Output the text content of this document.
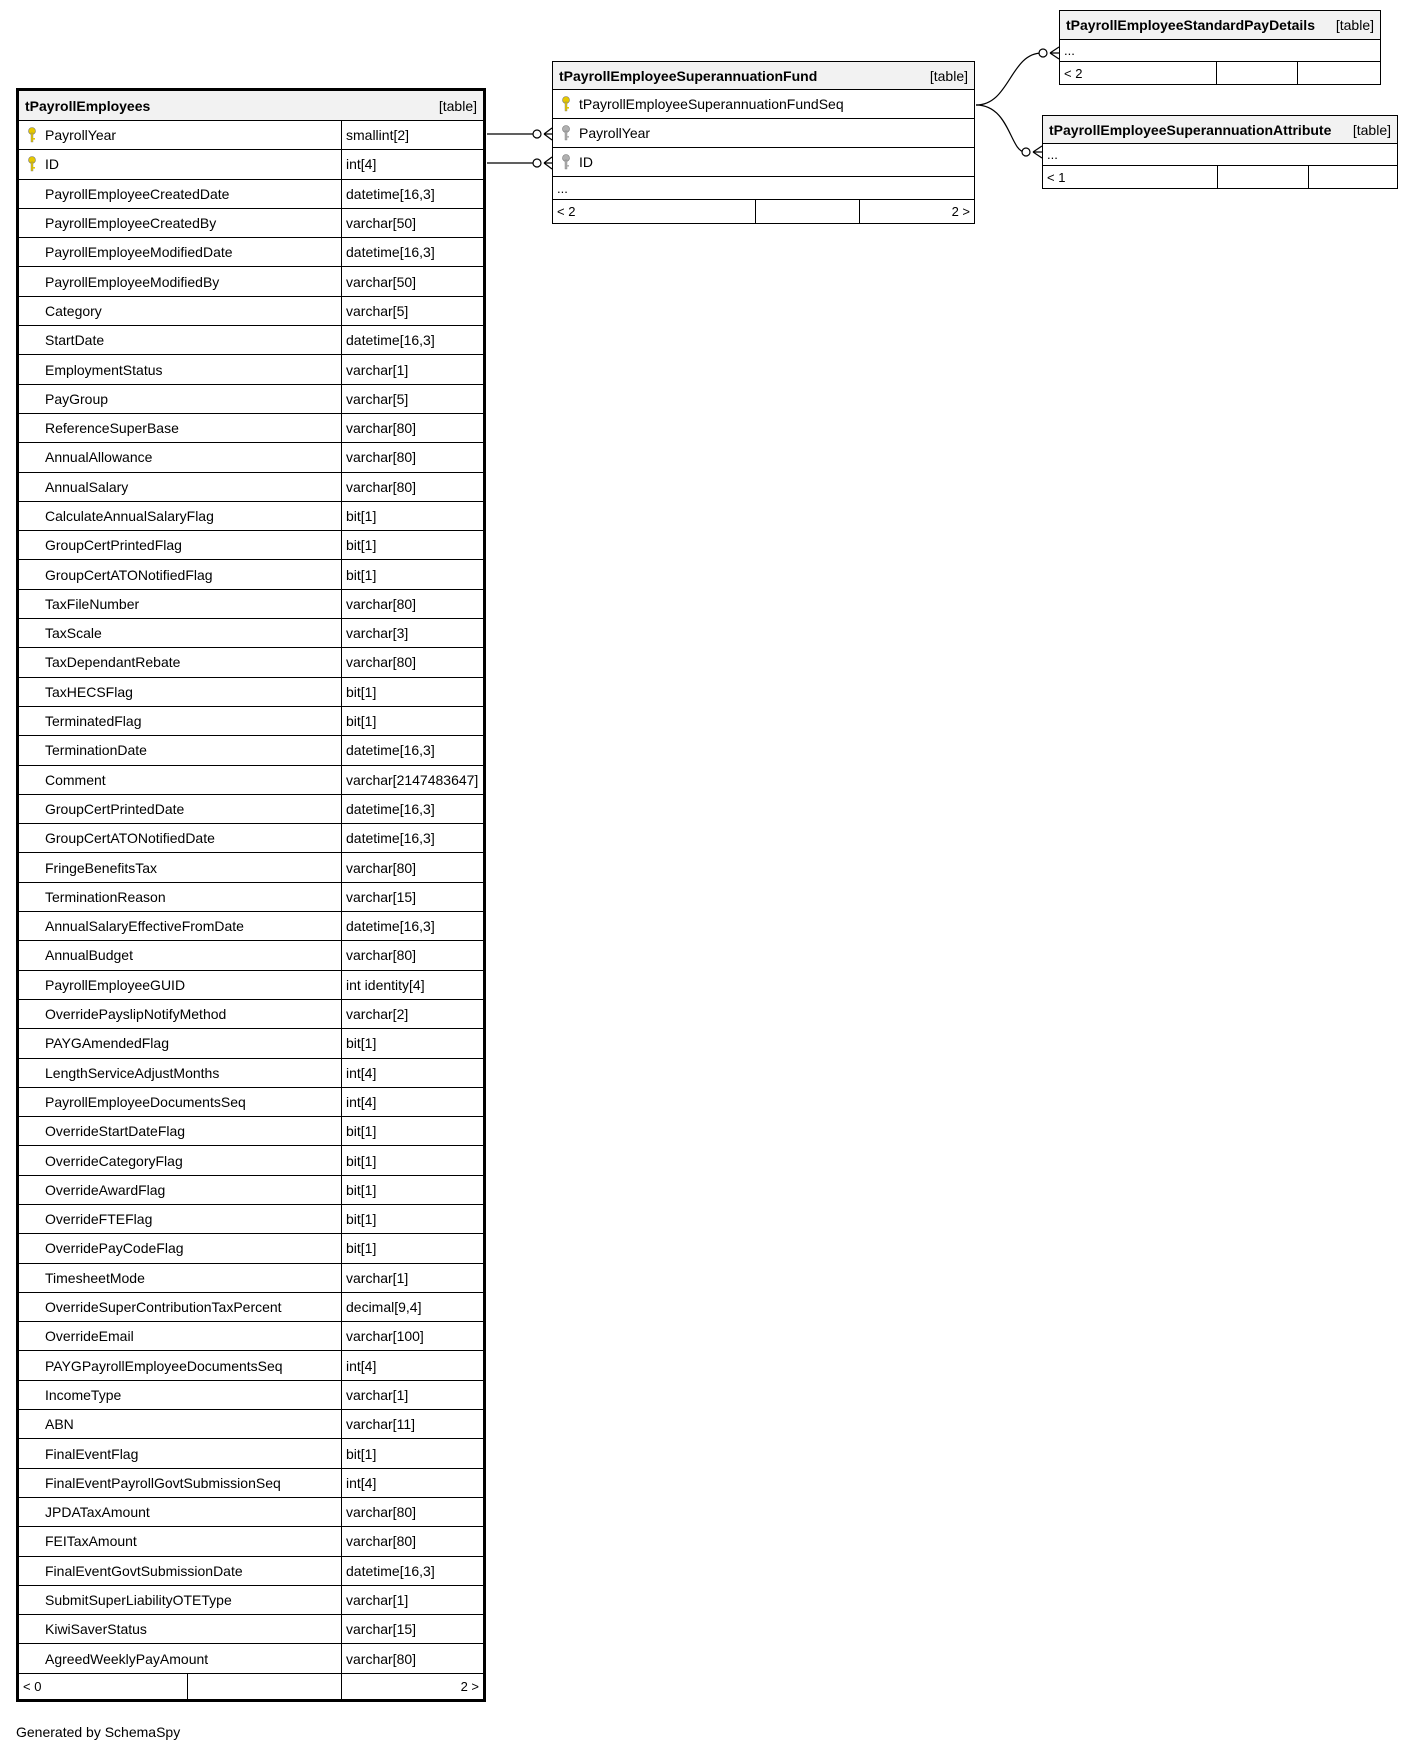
tPayrollEmployees	[table]
PayrollYear	smallint[2]
ID	int[4]
PayrollEmployeeCreatedDate	datetime[16,3]
PayrollEmployeeCreatedBy	varchar[50]
PayrollEmployeeModifiedDate	datetime[16,3]
PayrollEmployeeModifiedBy	varchar[50]
Category	varchar[5]
StartDate	datetime[16,3]
EmploymentStatus	varchar[1]
PayGroup	varchar[5]
ReferenceSuperBase	varchar[80]
AnnualAllowance	varchar[80]
AnnualSalary	varchar[80]
CalculateAnnualSalaryFlag	bit[1]
GroupCertPrintedFlag	bit[1]
GroupCertATONotifiedFlag	bit[1]
TaxFileNumber	varchar[80]
TaxScale	varchar[3]
TaxDependantRebate	varchar[80]
TaxHECSFlag	bit[1]
TerminatedFlag	bit[1]
TerminationDate	datetime[16,3]
Comment	varchar[2147483647]
GroupCertPrintedDate	datetime[16,3]
GroupCertATONotifiedDate	datetime[16,3]
FringeBenefitsTax	varchar[80]
TerminationReason	varchar[15]
AnnualSalaryEffectiveFromDate	datetime[16,3]
AnnualBudget	varchar[80]
PayrollEmployeeGUID	int identity[4]
OverridePayslipNotifyMethod	varchar[2]
PAYGAmendedFlag	bit[1]
LengthServiceAdjustMonths	int[4]
PayrollEmployeeDocumentsSeq	int[4]
OverrideStartDateFlag	bit[1]
OverrideCategoryFlag	bit[1]
OverrideAwardFlag	bit[1]
OverrideFTEFlag	bit[1]
OverridePayCodeFlag	bit[1]
TimesheetMode	varchar[1]
OverrideSuperContributionTaxPercent	decimal[9,4]
OverrideEmail	varchar[100]
PAYGPayrollEmployeeDocumentsSeq	int[4]
IncomeType	varchar[1]
ABN	varchar[11]
FinalEventFlag	bit[1]
FinalEventPayrollGovtSubmissionSeq	int[4]
JPDATaxAmount	varchar[80]
FEITaxAmount	varchar[80]
FinalEventGovtSubmissionDate	datetime[16,3]
SubmitSuperLiabilityOTEType	varchar[1]
KiwiSaverStatus	varchar[15]
AgreedWeeklyPayAmount	varchar[80]
< 0	2 >
tPayrollEmployeeSuperannuationFund	[table]
tPayrollEmployeeSuperannuationFundSeq
PayrollYear
ID
...
< 2	2 >
tPayrollEmployeeStandardPayDetails [table]
...
< 2
tPayrollEmployeeSuperannuationAttribute [table]
...
< 1
Generated by SchemaSpy
